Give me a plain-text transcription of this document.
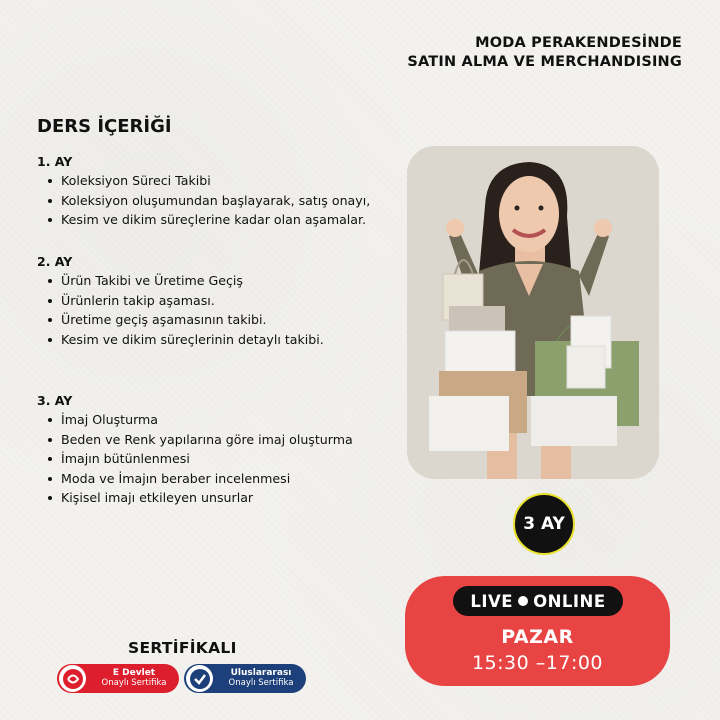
MODA PERAKENDESİNDE
SATIN ALMA VE MERCHANDISING
DERS İÇERİĞİ
1. AY
Koleksiyon Süreci Takibi
Koleksiyon oluşumundan başlayarak, satış onayı,
Kesim ve dikim süreçlerine kadar olan aşamalar.
2. AY
Ürün Takibi ve Üretime Geçiş
Ürünlerin takip aşaması.
Üretime geçiş aşamasının takibi.
Kesim ve dikim süreçlerinin detaylı takibi.
3. AY
İmaj Oluşturma
Beden ve Renk yapılarına göre imaj oluşturma
İmajın bütünlenmesi
Moda ve İmajın beraber incelenmesi
Kişisel imajı etkileyen unsurlar
3 AY
LIVE ONLINE
PAZAR
15:30 –17:00
SERTİFİKALI
E Devlet
Onaylı Sertifika
Uluslararası
Onaylı Sertifika
